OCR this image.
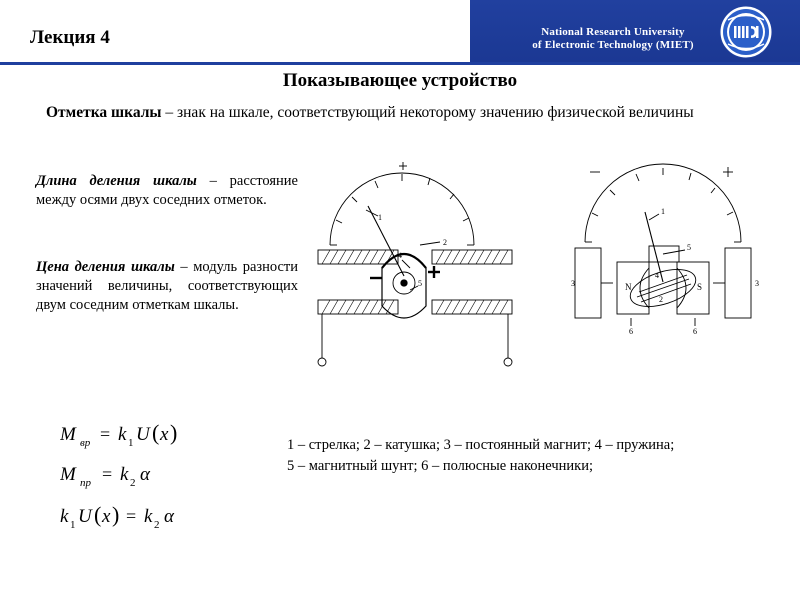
National Research University
of Electronic Technology (MIET)
Лекция 4
Показывающее устройство
Отметка шкалы – знак на шкале, соответствующий некоторому значению физической величины
Длина деления шкалы – расстояние между осями двух соседних отметок.
Цена деления шкалы – модуль разности значений величины, соответствующих двум соседним отметкам шкалы.
1
2
4
5
1
2
3	3
4
5
6	6
N	S
M вр = k 1 U ( x )
M пр = k 2 α
k 1 U ( x ) = k 2 α
1 – стрелка; 2 – катушка; 3 – постоянный магнит; 4 – пружина;
5 – магнитный шунт; 6 – полюсные наконечники;
